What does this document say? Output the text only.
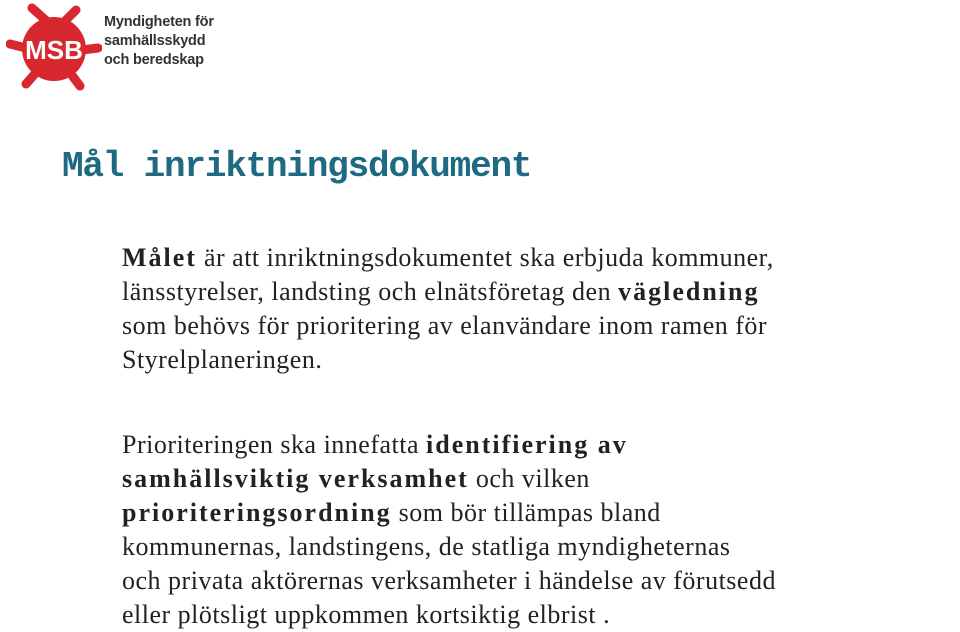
MSB
Myndigheten för
samhällsskydd
och beredskap
Mål inriktningsdokument
Målet är att inriktningsdokumentet ska erbjuda kommuner,
länsstyrelser, landsting och elnätsföretag den vägledning
som behövs för prioritering av elanvändare inom ramen för
Styrelplaneringen.
Prioriteringen ska innefatta identifiering av
samhällsviktig verksamhet och vilken
prioriteringsordning som bör tillämpas bland
kommunernas, landstingens, de statliga myndigheternas
och privata aktörernas verksamheter i händelse av förutsedd
eller plötsligt uppkommen kortsiktig elbrist .
